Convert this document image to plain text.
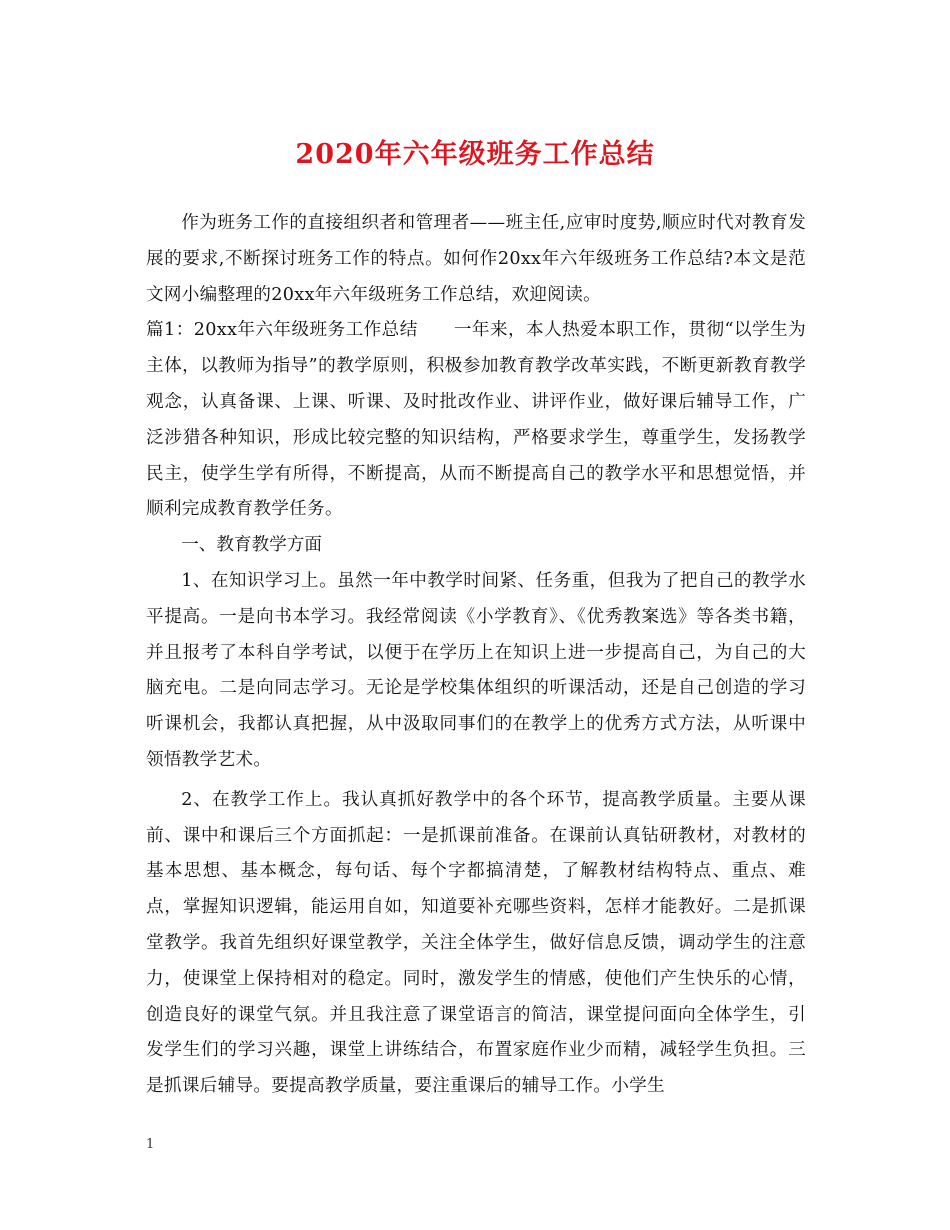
2020年六年级班务工作总结

作为班务工作的直接组织者和管理者——班主任,应审时度势,顺应时代对教育发展的要求,不断探讨班务工作的特点。如何作20xx年六年级班务工作总结?本文是范文网小编整理的20xx年六年级班务工作总结，欢迎阅读。

篇1：20xx年六年级班务工作总结　　一年来，本人热爱本职工作，贯彻“以学生为主体，以教师为指导”的教学原则，积极参加教育教学改革实践，不断更新教育教学观念，认真备课、上课、听课、及时批改作业、讲评作业，做好课后辅导工作，广泛涉猎各种知识，形成比较完整的知识结构，严格要求学生，尊重学生，发扬教学民主，使学生学有所得，不断提高，从而不断提高自己的教学水平和思想觉悟，并顺利完成教育教学任务。

一、教育教学方面

1、在知识学习上。虽然一年中教学时间紧、任务重，但我为了把自己的教学水平提高。一是向书本学习。我经常阅读《小学教育》、《优秀教案选》等各类书籍，并且报考了本科自学考试，以便于在学历上在知识上进一步提高自己，为自己的大脑充电。二是向同志学习。无论是学校集体组织的听课活动，还是自己创造的学习听课机会，我都认真把握，从中汲取同事们的在教学上的优秀方式方法，从听课中领悟教学艺术。

2、在教学工作上。我认真抓好教学中的各个环节，提高教学质量。主要从课前、课中和课后三个方面抓起：一是抓课前准备。在课前认真钻研教材，对教材的基本思想、基本概念，每句话、每个字都搞清楚，了解教材结构特点、重点、难点，掌握知识逻辑，能运用自如，知道要补充哪些资料，怎样才能教好。二是抓课堂教学。我首先组织好课堂教学，关注全体学生，做好信息反馈，调动学生的注意力，使课堂上保持相对的稳定。同时，激发学生的情感，使他们产生快乐的心情，创造良好的课堂气氛。并且我注意了课堂语言的简洁，课堂提问面向全体学生，引发学生们的学习兴趣，课堂上讲练结合，布置家庭作业少而精，减轻学生负担。三是抓课后辅导。要提高教学质量，要注重课后的辅导工作。小学生

1
